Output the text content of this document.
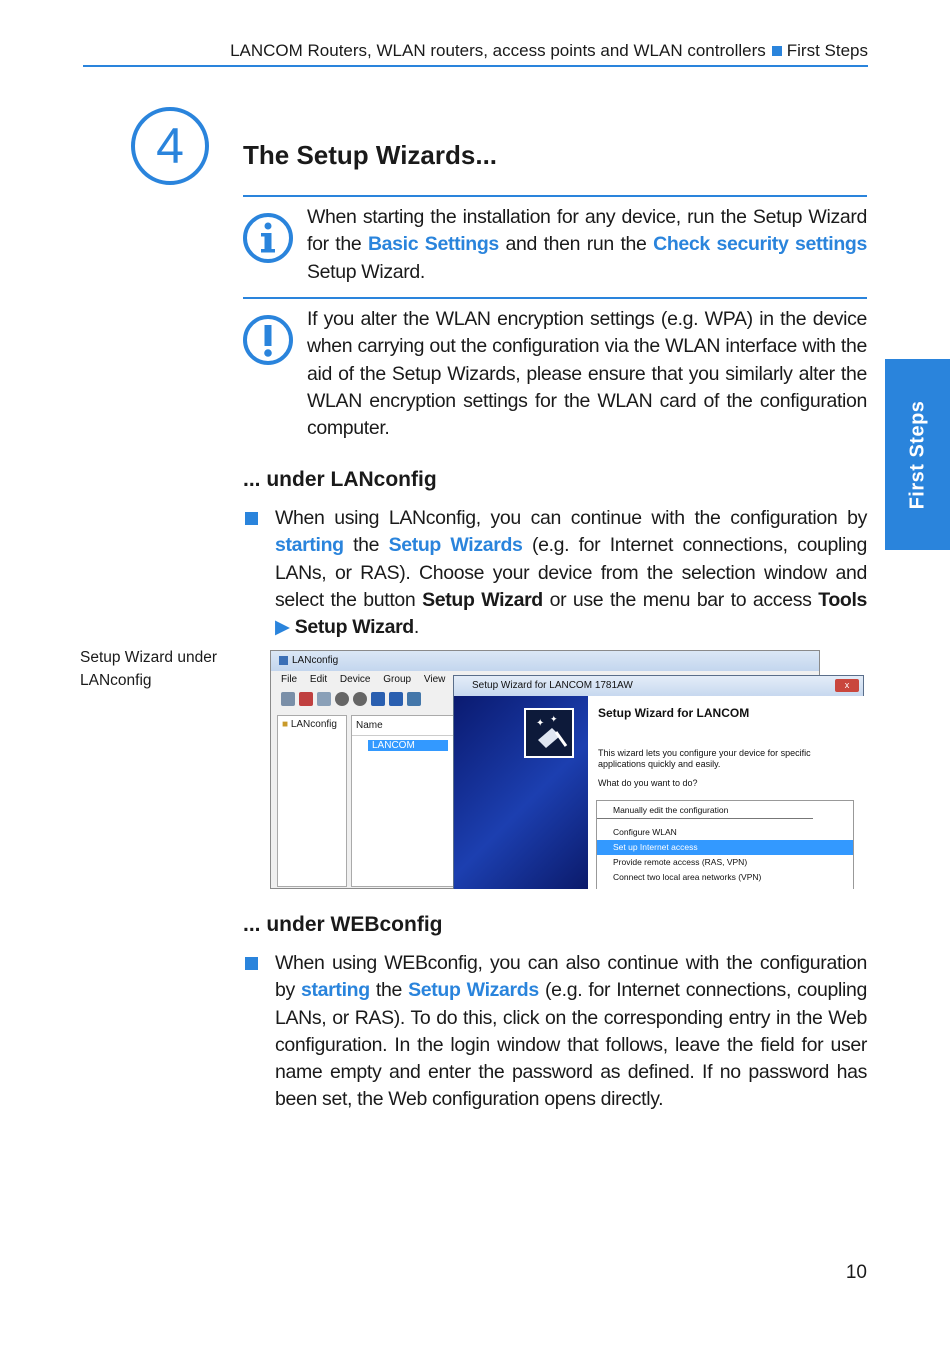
LANCOM Routers, WLAN routers, access points and WLAN controllers First Steps
First Steps
4 The Setup Wizards...
When starting the installation for any device, run the Setup Wizard for the Basic Settings and then run the Check security settings Setup Wizard.
If you alter the WLAN encryption settings (e.g. WPA) in the device when carrying out the configuration via the WLAN interface with the aid of the Setup Wizards, please ensure that you similarly alter the WLAN encryption settings for the WLAN card of the configuration computer.
... under LANconfig
When using LANconfig, you can continue with the configuration by starting the Setup Wizards (e.g. for Internet connections, coupling LANs, or RAS). Choose your device from the selection window and select the button Setup Wizard or use the menu bar to access Tools ▶ Setup Wizard.
Setup Wizard under LANconfig
LANconfig
File Edit Device Group View
■ LANconfig	Name
LANCOM
Setup Wizard for LANCOM 1781AW	x
✦ ✦	Setup Wizard for LANCOM
This wizard lets you configure your device for specific applications quickly and easily.
What do you want to do?
Manually edit the configuration
Configure WLAN
Set up Internet access
Provide remote access (RAS, VPN)
Connect two local area networks (VPN)
... under WEBconfig
When using WEBconfig, you can also continue with the configuration by starting the Setup Wizards (e.g. for Internet connections, coupling LANs, or RAS). To do this, click on the corresponding entry in the Web configuration. In the login window that follows, leave the field for user name empty and enter the password as defined. If no password has been set, the Web configuration opens directly.
10
